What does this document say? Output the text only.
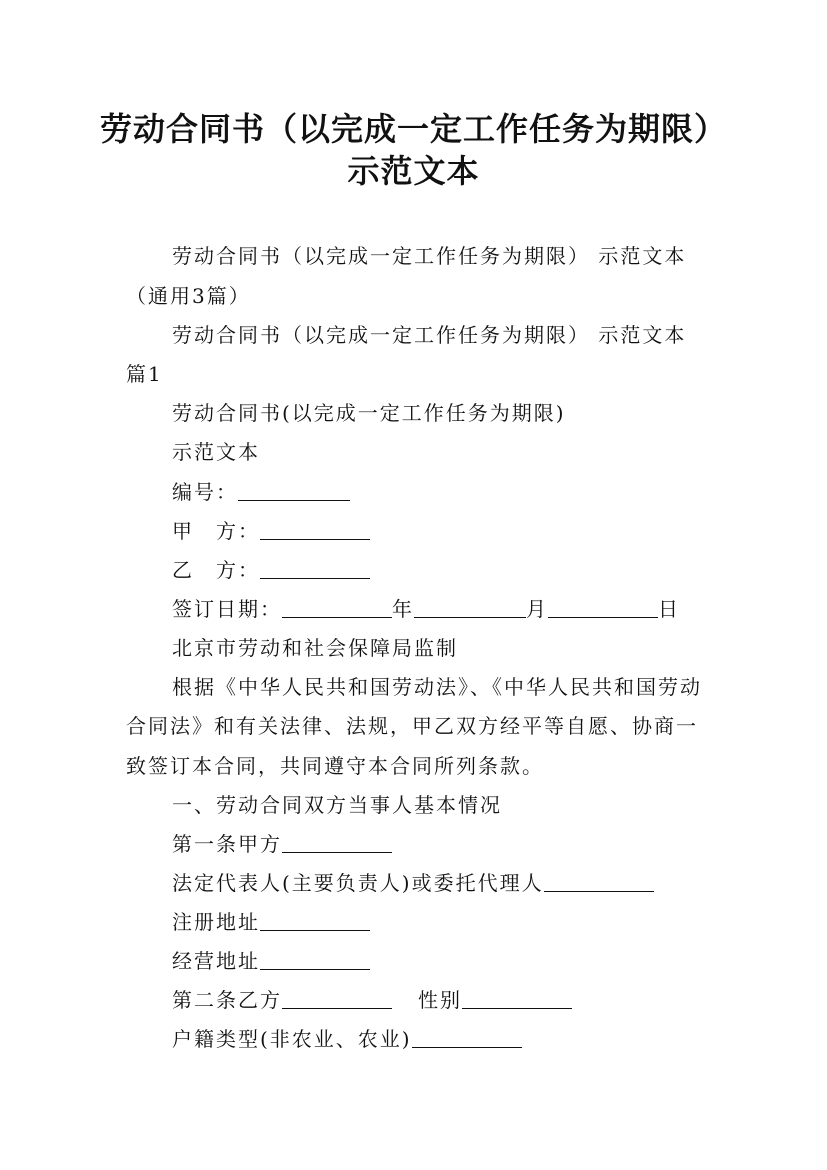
劳动合同书（以完成一定工作任务为期限）
示范文本
劳动合同书（以完成一定工作任务为期限） 示范文本
（通用3篇）
劳动合同书（以完成一定工作任务为期限） 示范文本
篇1
劳动合同书(以完成一定工作任务为期限)
示范文本
编号：
甲　方：
乙　方：
签订日期：	年	月	日
北京市劳动和社会保障局监制
根据《中华人民共和国劳动法》、《中华人民共和国劳动
合同法》和有关法律、法规，甲乙双方经平等自愿、协商一
致签订本合同，共同遵守本合同所列条款。
一、劳动合同双方当事人基本情况
第一条甲方
法定代表人(主要负责人)或委托代理人
注册地址
经营地址
第二条乙方	性别
户籍类型(非农业、农业)
